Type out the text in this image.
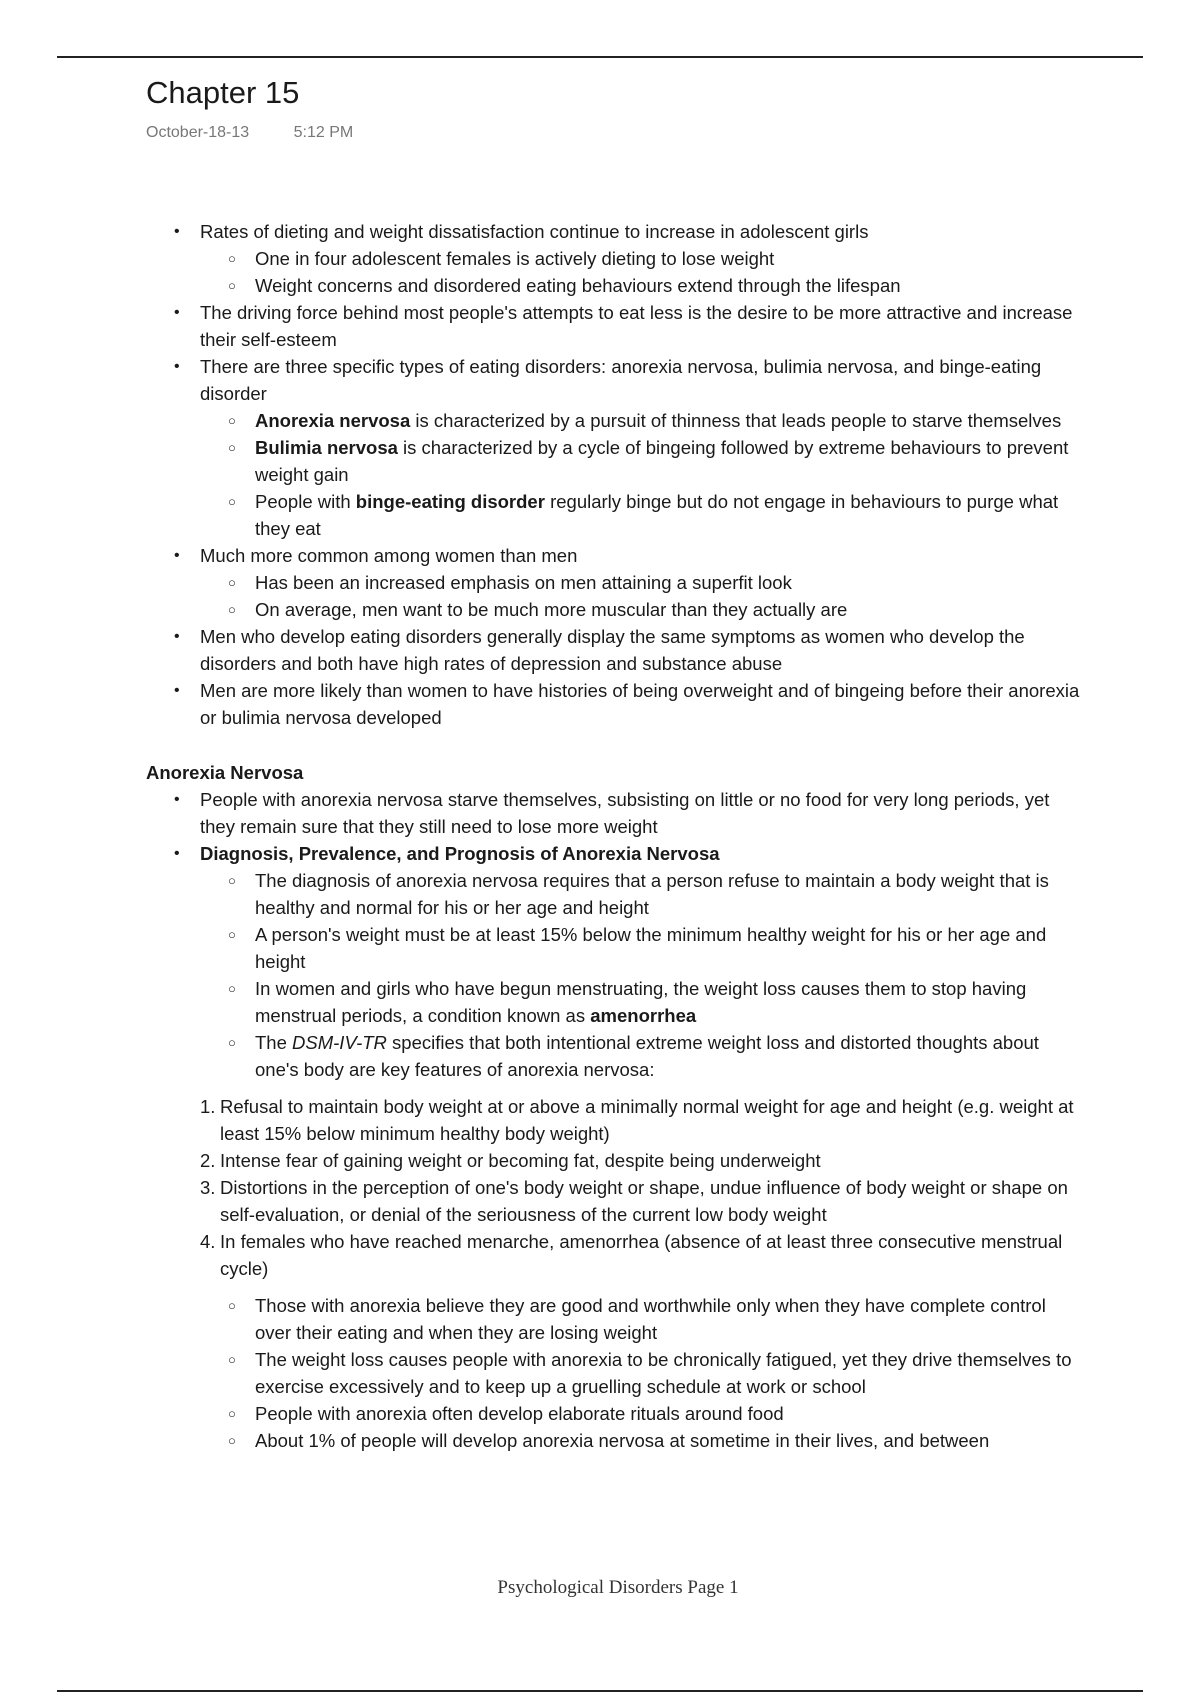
Chapter 15
October-18-13	5:12 PM
• Rates of dieting and weight dissatisfaction continue to increase in adolescent girls
○ One in four adolescent females is actively dieting to lose weight
○ Weight concerns and disordered eating behaviours extend through the lifespan
• The driving force behind most people's attempts to eat less is the desire to be more attractive and increase their self-esteem
• There are three specific types of eating disorders: anorexia nervosa, bulimia nervosa, and binge-eating disorder
○ Anorexia nervosa is characterized by a pursuit of thinness that leads people to starve themselves
○ Bulimia nervosa is characterized by a cycle of bingeing followed by extreme behaviours to prevent weight gain
○ People with binge-eating disorder regularly binge but do not engage in behaviours to purge what they eat
• Much more common among women than men
○ Has been an increased emphasis on men attaining a superfit look
○ On average, men want to be much more muscular than they actually are
• Men who develop eating disorders generally display the same symptoms as women who develop the disorders and both have high rates of depression and substance abuse
• Men are more likely than women to have histories of being overweight and of bingeing before their anorexia or bulimia nervosa developed
Anorexia Nervosa
• People with anorexia nervosa starve themselves, subsisting on little or no food for very long periods, yet they remain sure that they still need to lose more weight
• Diagnosis, Prevalence, and Prognosis of Anorexia Nervosa
○ The diagnosis of anorexia nervosa requires that a person refuse to maintain a body weight that is healthy and normal for his or her age and height
○ A person's weight must be at least 15% below the minimum healthy weight for his or her age and height
○ In women and girls who have begun menstruating, the weight loss causes them to stop having menstrual periods, a condition known as amenorrhea
○ The DSM-IV-TR specifies that both intentional extreme weight loss and distorted thoughts about one's body are key features of anorexia nervosa:
1. Refusal to maintain body weight at or above a minimally normal weight for age and height (e.g. weight at least 15% below minimum healthy body weight)
2. Intense fear of gaining weight or becoming fat, despite being underweight
3. Distortions in the perception of one's body weight or shape, undue influence of body weight or shape on self-evaluation, or denial of the seriousness of the current low body weight
4. In females who have reached menarche, amenorrhea (absence of at least three consecutive menstrual cycle)
○ Those with anorexia believe they are good and worthwhile only when they have complete control over their eating and when they are losing weight
○ The weight loss causes people with anorexia to be chronically fatigued, yet they drive themselves to exercise excessively and to keep up a gruelling schedule at work or school
○ People with anorexia often develop elaborate rituals around food
○ About 1% of people will develop anorexia nervosa at sometime in their lives, and between
Psychological Disorders Page 1
